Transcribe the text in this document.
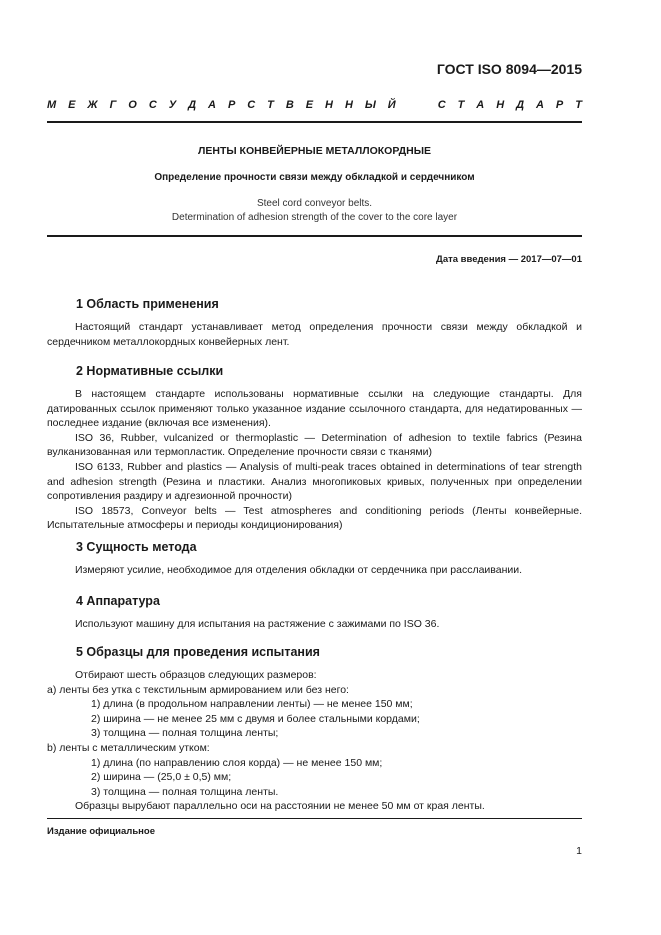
ГОСТ ISO 8094—2015
М Е Ж Г О С У Д А Р С Т В Е Н Н Ы Й

	С Т А Н Д А Р Т
ЛЕНТЫ КОНВЕЙЕРНЫЕ МЕТАЛЛОКОРДНЫЕ
Определение прочности связи между обкладкой и сердечником
Steel cord conveyor belts.
Determination of adhesion strength of the cover to the core layer
Дата введения — 2017—07—01
1 Область применения
Настоящий стандарт устанавливает метод определения прочности связи между обкладкой и сердечником металлокордных конвейерных лент.
2 Нормативные ссылки
В настоящем стандарте использованы нормативные ссылки на следующие стандарты. Для датированных ссылок применяют только указанное издание ссылочного стандарта, для недатированных — последнее издание (включая все изменения).
ISO 36, Rubber, vulcanized or thermoplastic — Determination of adhesion to textile fabrics (Резина вулканизованная или термопластик. Определение прочности связи с тканями)
ISO 6133, Rubber and plastics — Analysis of multi-peak traces obtained in determinations of tear strength and adhesion strength (Резина и пластики. Анализ многопиковых кривых, полученных при определении сопротивления раздиру и адгезионной прочности)
ISO 18573, Conveyor belts — Test atmospheres and conditioning periods (Ленты конвейерные. Испытательные атмосферы и периоды кондиционирования)
3 Сущность метода
Измеряют усилие, необходимое для отделения обкладки от сердечника при расслаивании.
4 Аппаратура
Используют машину для испытания на растяжение с зажимами по ISO 36.
5 Образцы для проведения испытания
Отбирают шесть образцов следующих размеров:
а) ленты без утка с текстильным армированием или без него:
1) длина (в продольном направлении ленты) — не менее 150 мм;
2) ширина — не менее 25 мм с двумя и более стальными кордами;
3) толщина — полная толщина ленты;
b) ленты с металлическим утком:
1) длина (по направлению слоя корда) — не менее 150 мм;
2) ширина — (25,0 ± 0,5) мм;
3) толщина — полная толщина ленты.
Образцы вырубают параллельно оси на расстоянии не менее 50 мм от края ленты.
Издание официальное
1
